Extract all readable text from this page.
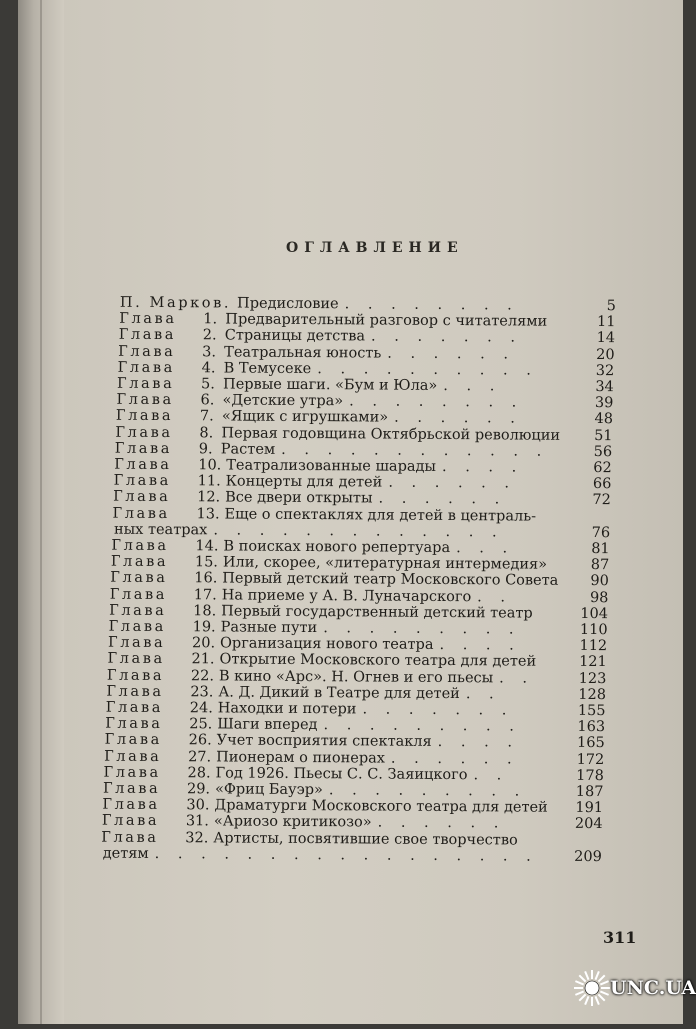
ОГЛАВЛЕНИЕ
П. Марков. Предисловие . . . . . . . .	5
Глава 1. Предварительный разговор с читателями	11
Глава 2. Страницы детства . . . . . . .	14
Глава 3. Театральная юность . . . . . .	20
Глава 4. В Темусеке . . . . . . . . . .	32
Глава 5. Первые шаги. «Бум и Юла» . . .	34
Глава 6. «Детские утра» . . . . . . . .	39
Глава 7. «Ящик с игрушками» . . . . . .	48
Глава 8. Первая годовщина Октябрьской революции	51
Глава 9. Растем . . . . . . . . . . . .	56
Глава 10. Театрализованные шарады . . . .	62
Глава 11. Концерты для детей . . . . . .	66
Глава 12. Все двери открыты . . . . . .	72
Глава 13. Еще о спектаклях для детей в централь-
ных театрах . . . . . . . . . . . . .	76
Глава 14. В поисках нового репертуара . . .	81
Глава 15. Или, скорее, «литературная интермедия»	87
Глава 16. Первый детский театр Московского Совета	90
Глава 17. На приеме у А. В. Луначарского . .	98
Глава 18. Первый государственный детский театр	104
Глава 19. Разные пути . . . . . . . . .	110
Глава 20. Организация нового театра . . . .	112
Глава 21. Открытие Московского театра для детей	121
Глава 22. В кино «Арс». Н. Огнев и его пьесы . .	123
Глава 23. А. Д. Дикий в Театре для детей . .	128
Глава 24. Находки и потери . . . . . . .	155
Глава 25. Шаги вперед . . . . . . . . .	163
Глава 26. Учет восприятия спектакля . . . .	165
Глава 27. Пионерам о пионерах . . . . . .	172
Глава 28. Год 1926. Пьесы С. С. Заяицкого . .	178
Глава 29. «Фриц Бауэр» . . . . . . . . .	187
Глава 30. Драматурги Московского театра для детей	191
Глава 31. «Ариозо критикозо» . . . . . .	204
Глава 32. Артисты, посвятившие свое творчество
детям . . . . . . . . . . . . . . . . .	209
311
UNC.UA
